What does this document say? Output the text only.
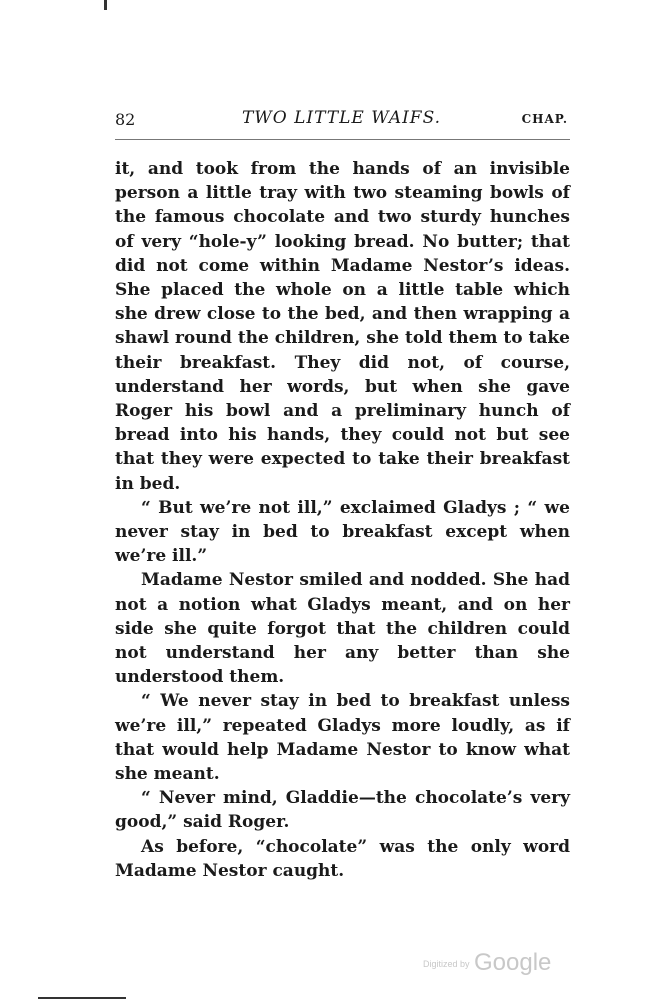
82	TWO LITTLE WAIFS.	CHAP.

it, and took from the hands of an invisible person a little tray with two steaming bowls of the famous chocolate and two sturdy hunches of very “hole-y” looking bread. No butter; that did not come within Madame Nestor’s ideas. She placed the whole on a little table which she drew close to the bed, and then wrapping a shawl round the children, she told them to take their breakfast. They did not, of course, understand her words, but when she gave Roger his bowl and a preliminary hunch of bread into his hands, they could not but see that they were expected to take their breakfast in bed.

“ But we’re not ill,” exclaimed Gladys ; “ we never stay in bed to breakfast except when we’re ill.”

Madame Nestor smiled and nodded. She had not a notion what Gladys meant, and on her side she quite forgot that the children could not understand her any better than she understood them.

“ We never stay in bed to breakfast unless we’re ill,” repeated Gladys more loudly, as if that would help Madame Nestor to know what she meant.

“ Never mind, Gladdie—the chocolate’s very good,” said Roger.

As before, “chocolate” was the only word Madame Nestor caught.

Digitized by Google
